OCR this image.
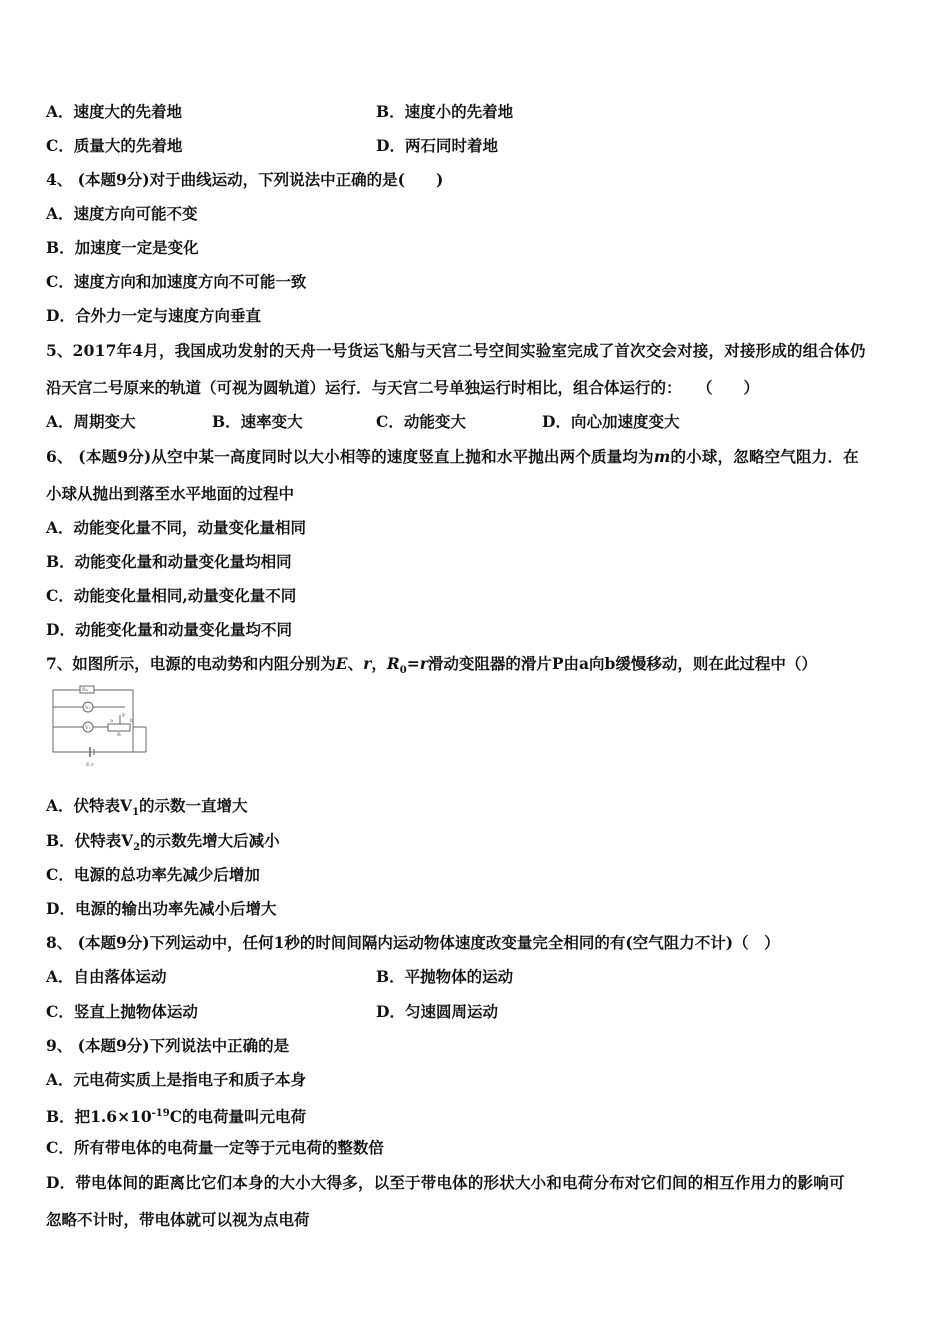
A．速度大的先着地	B．速度小的先着地
C．质量大的先着地	D．两石同时着地
4、 (本题9分)对于曲线运动，下列说法中正确的是(　　)
A．速度方向可能不变
B．加速度一定是变化
C．速度方向和加速度方向不可能一致
D．合外力一定与速度方向垂直
5、2017年4月，我国成功发射的天舟一号货运飞船与天宫二号空间实验室完成了首次交会对接，对接形成的组合体仍
沿天宫二号原来的轨道（可视为圆轨道）运行．与天宫二号单独运行时相比，组合体运行的：　　（　　）
A．周期变大	B．速率变大	C．动能变大	D．向心加速度变大
6、 (本题9分)从空中某一高度同时以大小相等的速度竖直上抛和水平抛出两个质量均为m的小球，忽略空气阻力．在
小球从抛出到落至水平地面的过程中
A．动能变化量不同，动量变化量相同
B．动能变化量和动量变化量均相同
C．动能变化量相同,动量变化量不同
D．动能变化量和动量变化量均不同
7、如图所示，电源的电动势和内阻分别为E、r，$R_0=r$滑动变阻器的滑片P由a向b缓慢移动，则在此过程中（）
R₀
V₁
V₂
R
a
P
b
E r
A．伏特表$V_1$的示数一直增大
B．伏特表$V_2$的示数先增大后减小
C．电源的总功率先减少后增加
D．电源的输出功率先减小后增大
8、 (本题9分)下列运动中，任何1秒的时间间隔内运动物体速度改变量完全相同的有(空气阻力不计)（　）
A．自由落体运动	B．平抛物体的运动
C．竖直上抛物体运动	D．匀速圆周运动
9、 (本题9分)下列说法中正确的是
A．元电荷实质上是指电子和质子本身
B．把$1.6\times 10^{-19}C$的电荷量叫元电荷
C．所有带电体的电荷量一定等于元电荷的整数倍
D．带电体间的距离比它们本身的大小大得多，以至于带电体的形状大小和电荷分布对它们间的相互作用力的影响可
忽略不计时，带电体就可以视为点电荷
